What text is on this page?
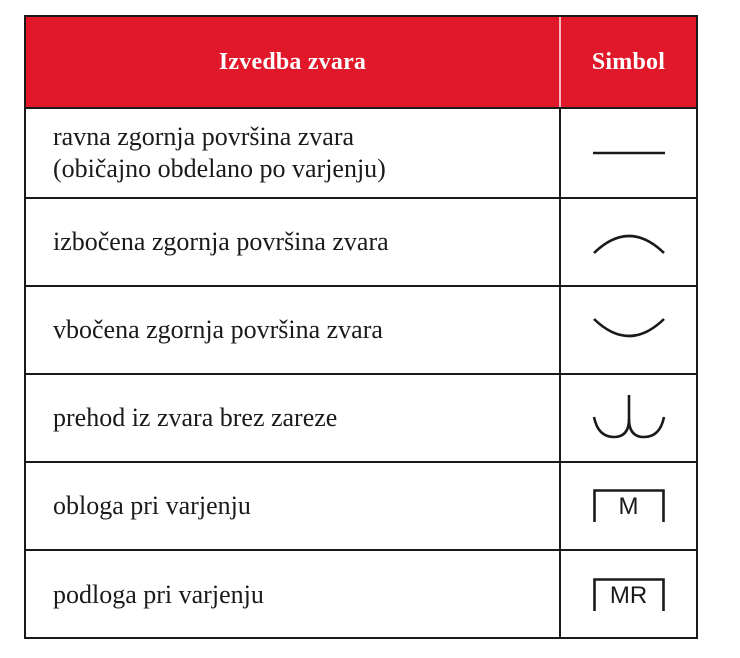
Izvedba zvara	Simbol
ravna zgornja površina zvara
(običajno obdelano po varjenju)
izbočena zgornja površina zvara
vbočena zgornja površina zvara
prehod iz zvara brez zareze
obloga pri varjenju	M
podloga pri varjenju	MR
